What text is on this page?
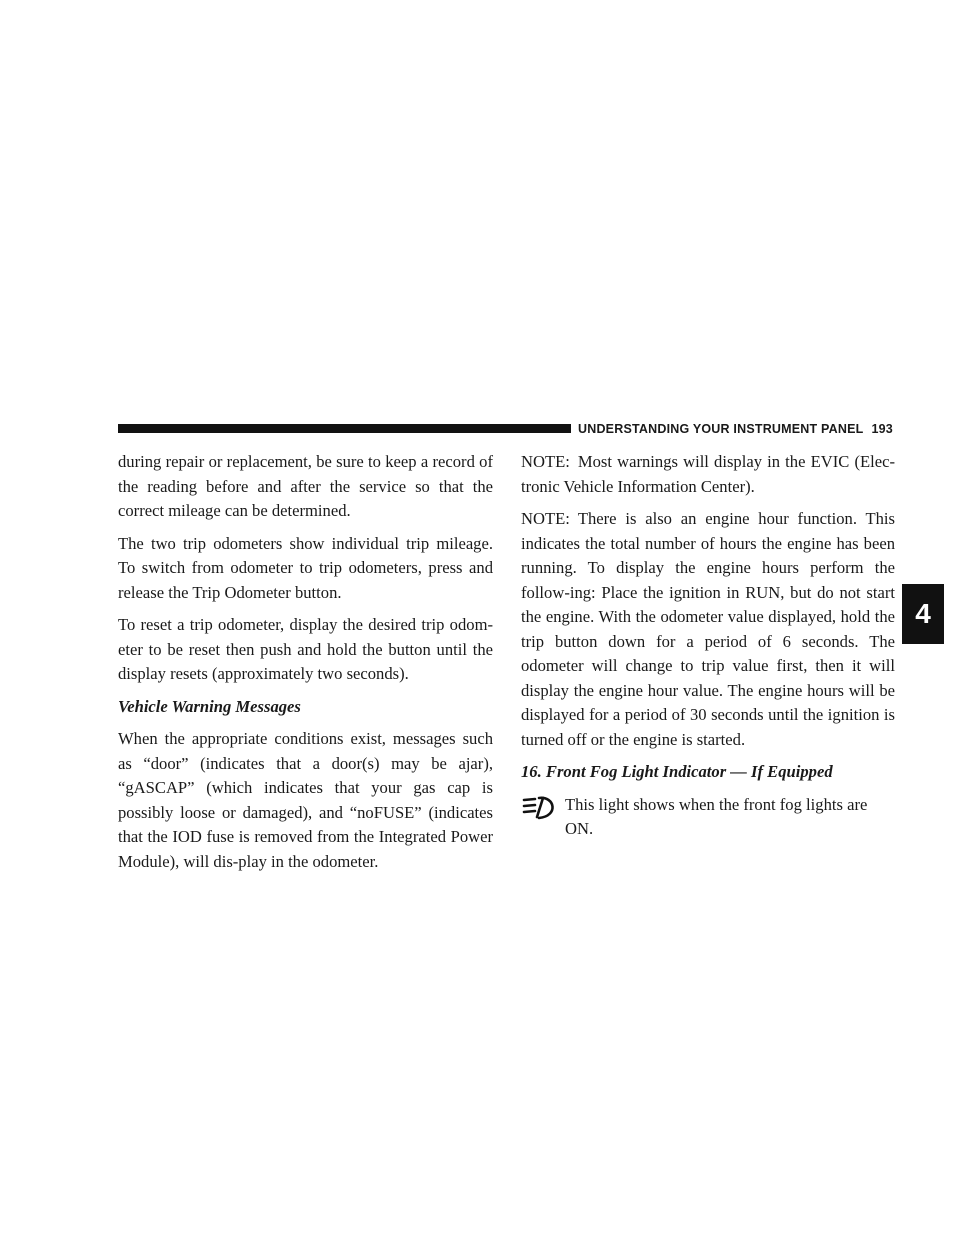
UNDERSTANDING YOUR INSTRUMENT PANEL 193
4

during repair or replacement, be sure to keep a record of the reading before and after the service so that the correct mileage can be determined.

The two trip odometers show individual trip mileage. To switch from odometer to trip odometers, press and release the Trip Odometer button.

To reset a trip odometer, display the desired trip odom-eter to be reset then push and hold the button until the display resets (approximately two seconds).

Vehicle Warning Messages

When the appropriate conditions exist, messages such as “door” (indicates that a door(s) may be ajar), “gASCAP” (which indicates that your gas cap is possibly loose or damaged), and “noFUSE” (indicates that the IOD fuse is removed from the Integrated Power Module), will dis-play in the odometer.

NOTE: Most warnings will display in the EVIC (Elec-tronic Vehicle Information Center).

NOTE: There is also an engine hour function. This indicates the total number of hours the engine has been running. To display the engine hours perform the follow-ing: Place the ignition in RUN, but do not start the engine. With the odometer value displayed, hold the trip button down for a period of 6 seconds. The odometer will change to trip value first, then it will display the engine hour value. The engine hours will be displayed for a period of 30 seconds until the ignition is turned off or the engine is started.

16. Front Fog Light Indicator — If Equipped

This light shows when the front fog lights are ON.
